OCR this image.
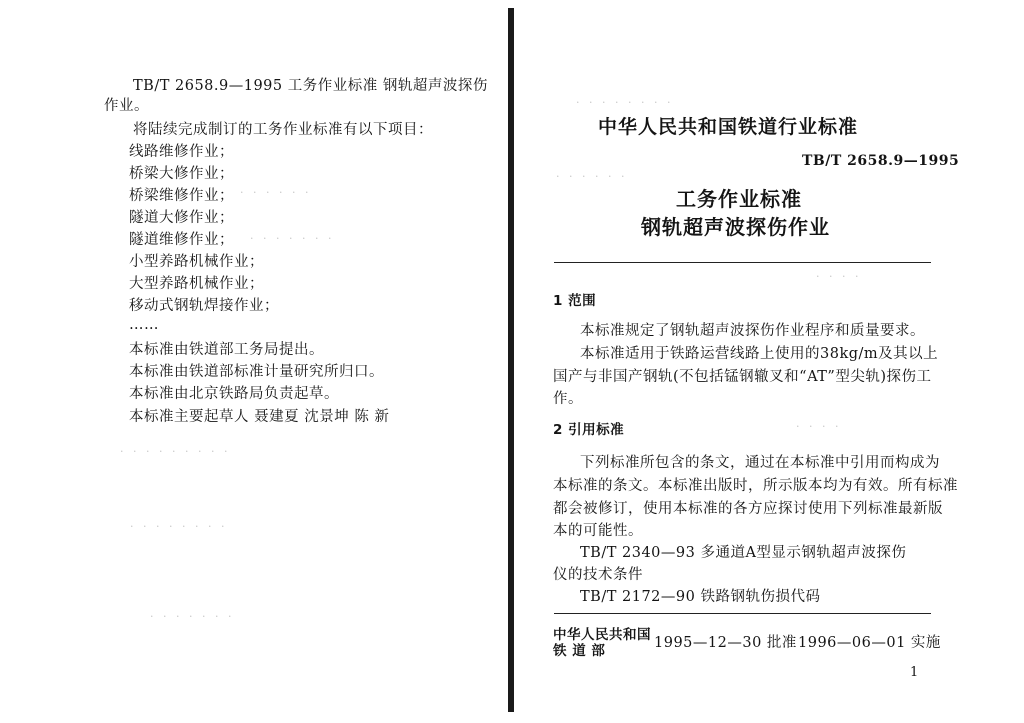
TB/T 2658.9—1995 工务作业标准 钢轨超声波探伤
作业。
将陆续完成制订的工务作业标准有以下项目：
线路维修作业；
桥梁大修作业；
桥梁维修作业；
隧道大修作业；
隧道维修作业；
小型养路机械作业；
大型养路机械作业；
移动式钢轨焊接作业；
……
本标准由铁道部工务局提出。
本标准由铁道部标准计量研究所归口。
本标准由北京铁路局负责起草。
本标准主要起草人 聂建夏 沈景坤 陈 新
· · · · · ·
· · · · · · ·
· · · · · · · · ·
· · · · · · · ·
· · · · · · ·
中华人民共和国铁道行业标准
TB/T 2658.9—1995
工务作业标准
钢轨超声波探伤作业
1 范围
本标准规定了钢轨超声波探伤作业程序和质量要求。
本标准适用于铁路运营线路上使用的38kg/m及其以上
国产与非国产钢轨(不包括锰钢辙叉和“AT”型尖轨)探伤工
作。
2 引用标准
下列标准所包含的条文，通过在本标准中引用而构成为
本标准的条文。本标准出版时，所示版本均为有效。所有标准
都会被修订，使用本标准的各方应探讨使用下列标准最新版
本的可能性。
TB/T 2340—93 多通道A型显示钢轨超声波探伤
仪的技术条件
TB/T 2172—90 铁路钢轨伤损代码
中华人民共和国
铁 道 部	1995—12—30 批准 1996—06—01 实施
1
· · · · · · · ·
· · · · · ·
· · · ·
· · · ·
